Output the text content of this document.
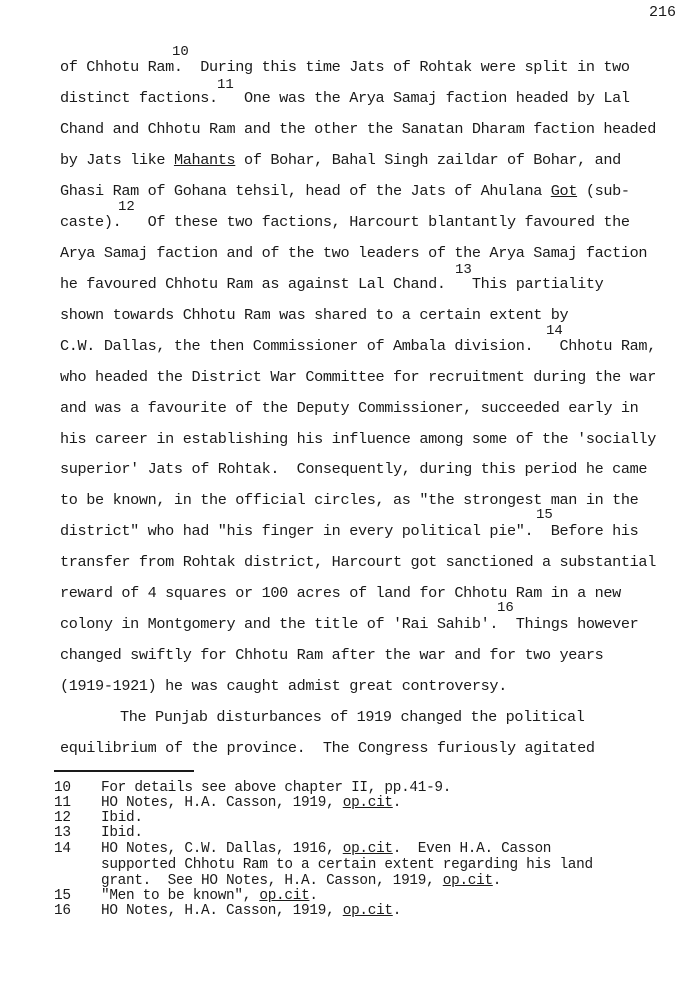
216
of Chhotu Ram.  During this time Jats of Rohtak were split in two
distinct factions.   One was the Arya Samaj faction headed by Lal
Chand and Chhotu Ram and the other the Sanatan Dharam faction headed
by Jats like Mahants of Bohar, Bahal Singh zaildar of Bohar, and
Ghasi Ram of Gohana tehsil, head of the Jats of Ahulana Got (sub-
caste).   Of these two factions, Harcourt blantantly favoured the
Arya Samaj faction and of the two leaders of the Arya Samaj faction
he favoured Chhotu Ram as against Lal Chand.   This partiality
shown towards Chhotu Ram was shared to a certain extent by
C.W. Dallas, the then Commissioner of Ambala division.   Chhotu Ram,
who headed the District War Committee for recruitment during the war
and was a favourite of the Deputy Commissioner, succeeded early in
his career in establishing his influence among some of the 'socially
superior' Jats of Rohtak.  Consequently, during this period he came
to be known, in the official circles, as "the strongest man in the
district" who had "his finger in every political pie".  Before his
transfer from Rohtak district, Harcourt got sanctioned a substantial
reward of 4 squares or 100 acres of land for Chhotu Ram in a new
colony in Montgomery and the title of 'Rai Sahib'.  Things however
changed swiftly for Chhotu Ram after the war and for two years
(1919-1921) he was caught admist great controversy.
The Punjab disturbances of 1919 changed the political
equilibrium of the province.  The Congress furiously agitated
10
11
12
13
14
15
16
10 For details see above chapter II, pp.41-9.
11 HO Notes, H.A. Casson, 1919, op.cit.
12 Ibid.
13 Ibid.
14 HO Notes, C.W. Dallas, 1916, op.cit.  Even H.A. Casson
supported Chhotu Ram to a certain extent regarding his land
grant.  See HO Notes, H.A. Casson, 1919, op.cit.
15 "Men to be known", op.cit.
16 HO Notes, H.A. Casson, 1919, op.cit.
